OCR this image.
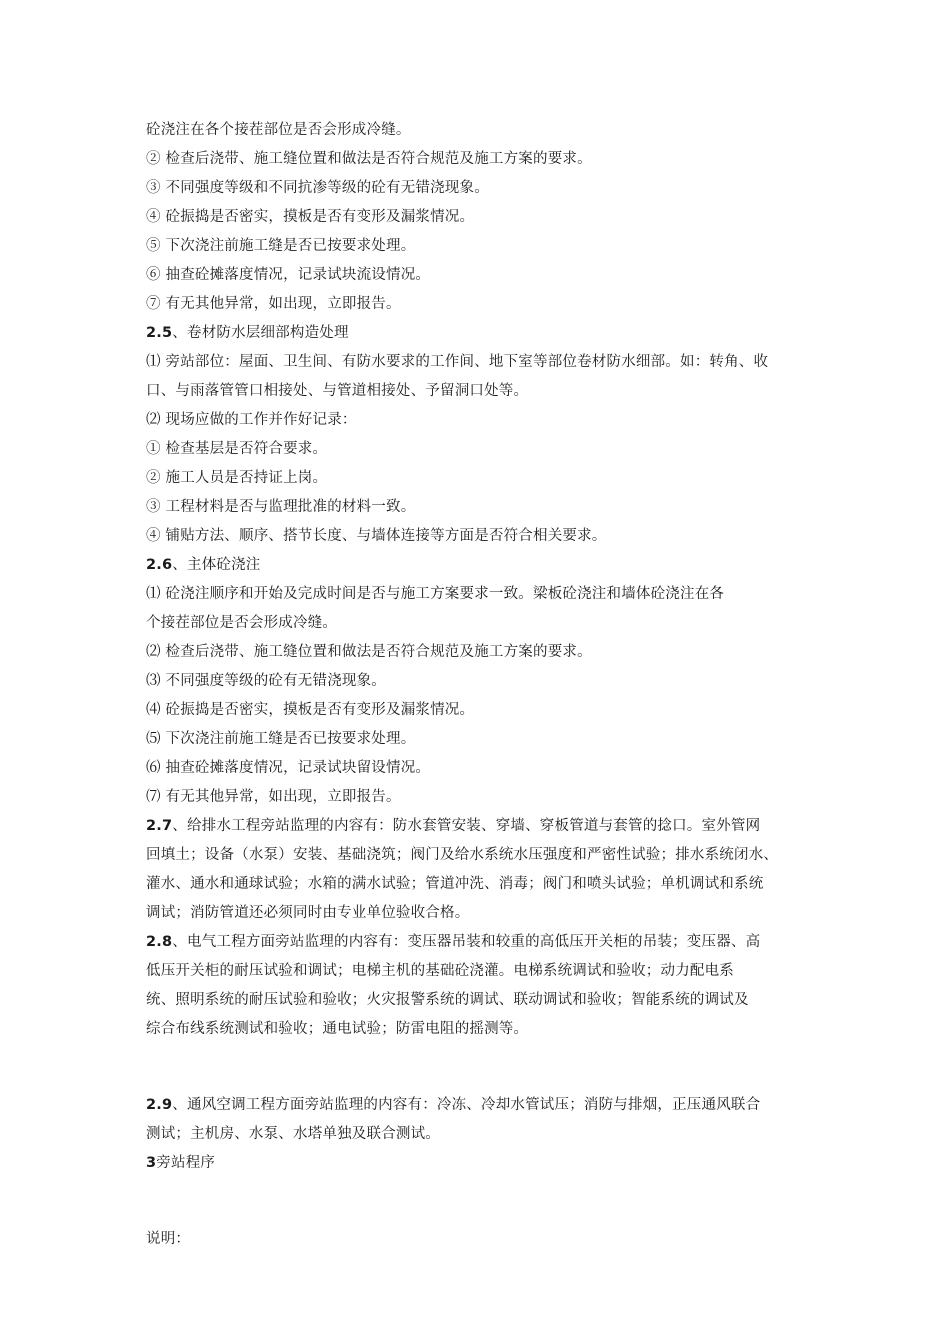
砼浇注在各个接茬部位是否会形成冷缝。
② 检查后浇带、施工缝位置和做法是否符合规范及施工方案的要求。
③ 不同强度等级和不同抗渗等级的砼有无错浇现象。
④ 砼振捣是否密实，摸板是否有变形及漏浆情况。
⑤ 下次浇注前施工缝是否已按要求处理。
⑥ 抽查砼摊落度情况，记录试块流设情况。
⑦ 有无其他异常，如出现，立即报告。
2.5、卷材防水层细部构造处理
⑴ 旁站部位：屋面、卫生间、有防水要求的工作间、地下室等部位卷材防水细部。如：转角、收
口、与雨落管管口相接处、与管道相接处、予留洞口处等。
⑵ 现场应做的工作并作好记录：
① 检查基层是否符合要求。
② 施工人员是否持证上岗。
③ 工程材料是否与监理批准的材料一致。
④ 铺贴方法、顺序、搭节长度、与墙体连接等方面是否符合相关要求。
2.6、主体砼浇注
⑴ 砼浇注顺序和开始及完成时间是否与施工方案要求一致。梁板砼浇注和墙体砼浇注在各
个接茬部位是否会形成冷缝。
⑵ 检查后浇带、施工缝位置和做法是否符合规范及施工方案的要求。
⑶ 不同强度等级的砼有无错浇现象。
⑷ 砼振捣是否密实，摸板是否有变形及漏浆情况。
⑸ 下次浇注前施工缝是否已按要求处理。
⑹ 抽查砼摊落度情况，记录试块留设情况。
⑺ 有无其他异常，如出现，立即报告。
2.7、给排水工程旁站监理的内容有：防水套管安装、穿墙、穿板管道与套管的捻口。室外管网
回填土；设备（水泵）安装、基础浇筑；阀门及给水系统水压强度和严密性试验；排水系统闭水、
灌水、通水和通球试验；水箱的满水试验；管道冲洗、消毒；阀门和喷头试验；单机调试和系统
调试；消防管道还必须同时由专业单位验收合格。
2.8、电气工程方面旁站监理的内容有：变压器吊装和较重的高低压开关柜的吊装；变压器、高
低压开关柜的耐压试验和调试；电梯主机的基础砼浇灌。电梯系统调试和验收；动力配电系
统、照明系统的耐压试验和验收；火灾报警系统的调试、联动调试和验收；智能系统的调试及
综合布线系统测试和验收；通电试验；防雷电阻的摇测等。
2.9、通风空调工程方面旁站监理的内容有：冷冻、冷却水管试压；消防与排烟，正压通风联合
测试；主机房、水泵、水塔单独及联合测试。
3旁站程序
说明：
